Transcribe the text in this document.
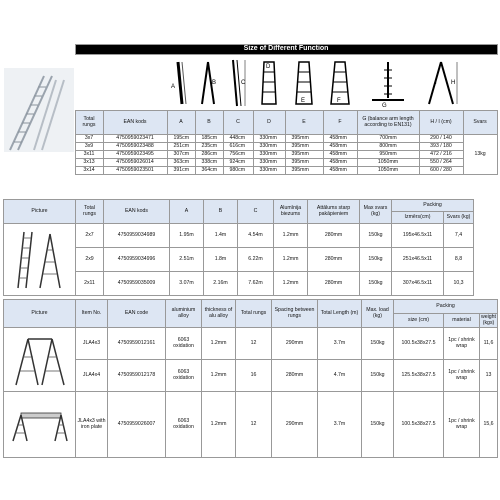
	Size of Different Function										

A	B	C	D	E	F	G	H
I	

	Total rungs	EAN kods	A	B	C	D	E	F	G (balance arm length according to EN131)	H / I (cm)	Svars
	3x7	4750959023471	195cm	185cm	448cm	330mm	395mm	458mm	700mm	290 / 140	13kg
	3x9	4750959023488	251cm	235cm	616cm	330mm	395mm	458mm	800mm	393 / 180	
	3x11	4750959023495	307cm	286cm	756cm	330mm	395mm	458mm	950mm	472 / 216	
	3x13	4750959026014	363cm	338cm	924cm	330mm	395mm	458mm	1050mm	550 / 264	
	3x14	4750959023501	391cm	364cm	980cm	330mm	395mm	458mm	1050mm	600 / 280	
Picture	Total rungs	EAN kods	A	B	C	Alumīnija biezums	Attālums starp pakāpieniem	Max svars (kg)	Packing	
									Izmērs(cm)	Svars (kg)

	2x7	4750959034989	1.95m	1.4m	4.54m	1.2mm	280mm	150kg	195x46.5x11	7,4
	2x9	4750959034996	2.51m	1.8m	6.22m	1.2mm	280mm	150kg	251x46.5x11	8,8
	2x11	4750959035009	3.07m	2.16m	7.62m	1.2mm	280mm	150kg	307x46.5x11	10,3
Picture	Item No.	EAN code	aluminium alloy	thickness of alu alloy	Total rungs	Spacing between rungs	Total Length (m)	Max. load (kg)	Packing		
									size (cm)	material	weight (kgs)

	JLA4x3	4750959012161	6063 oxidation	1.2mm	12	290mm	3.7m	150kg	100.5x38x27.5	1pc / shrink wrap	11,6
	JLA4x4	4750959012178	6063 oxidation	1.2mm	16	280mm	4.7m	150kg	125.5x38x27.5	1pc / shrink wrap	13

	JLA4x3 with iron plate	4750959026007	6063 oxidation	1.2mm	12	290mm	3.7m	150kg	100.5x38x27.5	1pc / shrink wrap	15,6
